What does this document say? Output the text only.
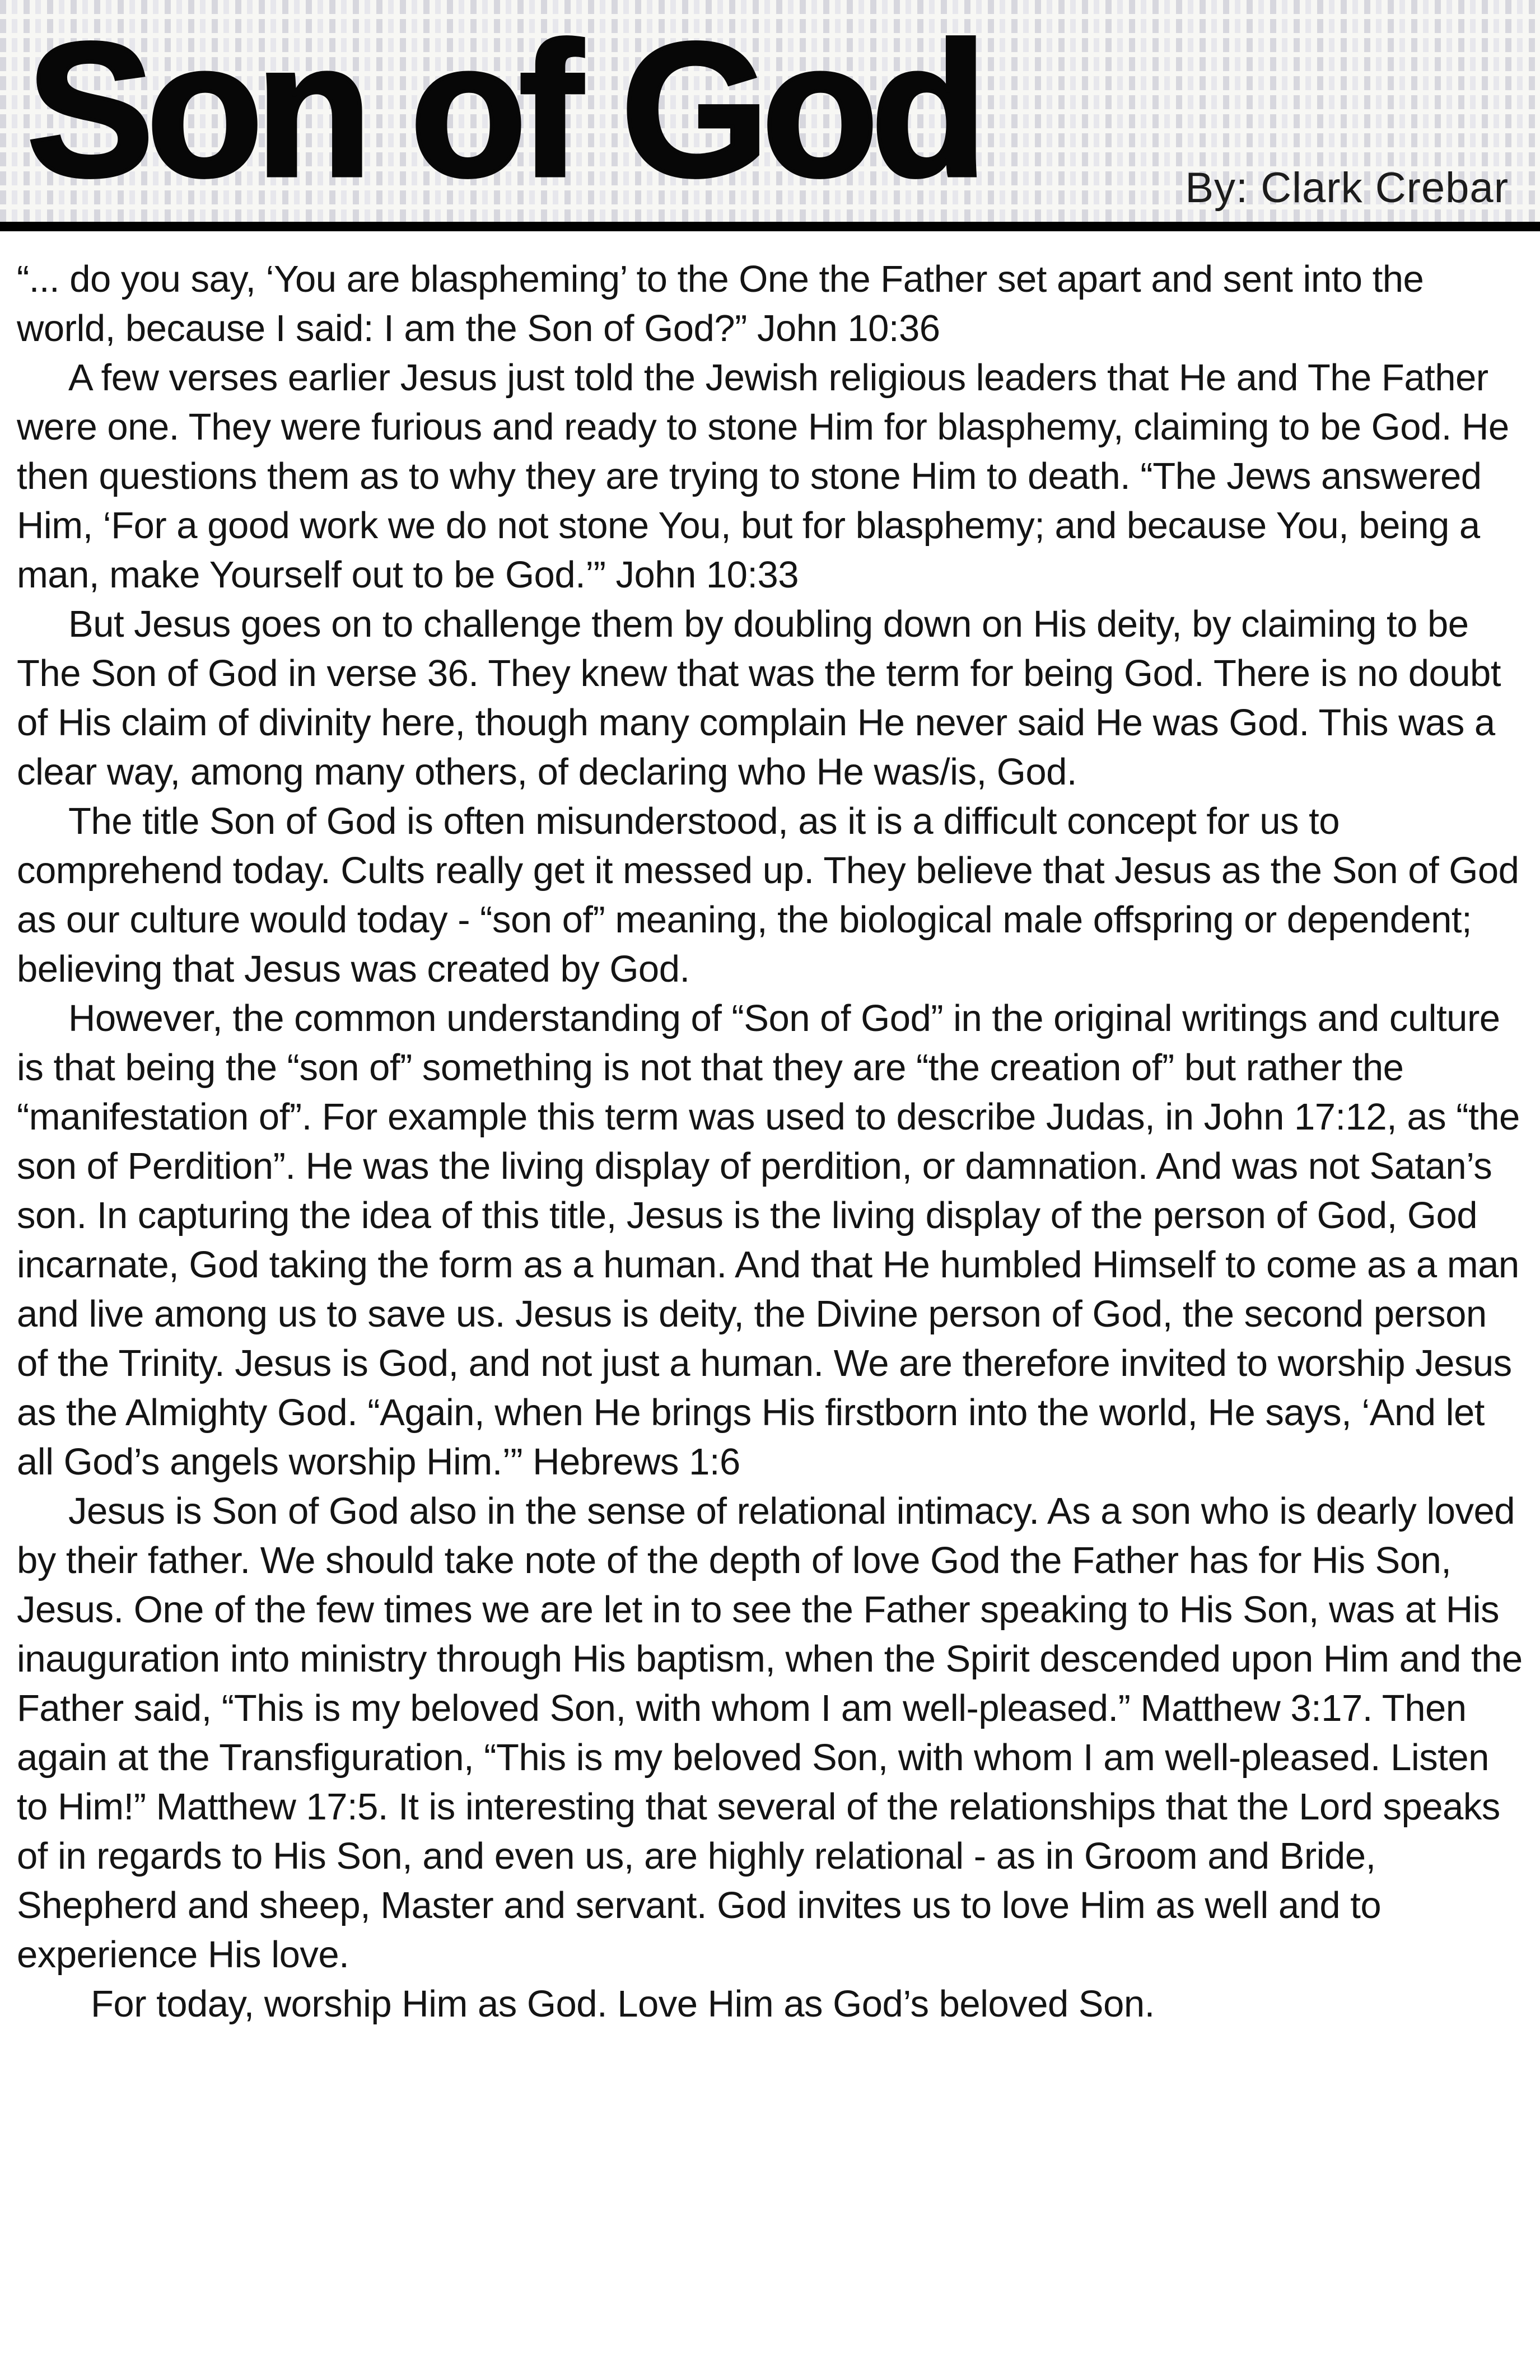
Son of God	By: Clark Crebar

“... do you say, ‘You are blaspheming’ to the One the Father set apart and sent into the world, because I said: I am the Son of God?” John 10:36

A few verses earlier Jesus just told the Jewish religious leaders that He and The Father were one. They were furious and ready to stone Him for blasphemy, claiming to be God. He then questions them as to why they are trying to stone Him to death. “The Jews answered Him, ‘For a good work we do not stone You, but for blasphemy; and because You, being a man, make Yourself out to be God.’” John 10:33

But Jesus goes on to challenge them by doubling down on His deity, by claiming to be The Son of God in verse 36. They knew that was the term for being God. There is no doubt of His claim of divinity here, though many complain He never said He was God. This was a clear way, among many others, of declaring who He was/is, God.

The title Son of God is often misunderstood, as it is a difficult concept for us to comprehend today. Cults really get it messed up. They believe that Jesus as the Son of God as our culture would today - “son of” meaning, the biological male offspring or dependent; believing that Jesus was created by God.

However, the common understanding of “Son of God” in the original writings and culture is that being the “son of” something is not that they are “the creation of” but rather the “manifestation of”. For example this term was used to describe Judas, in John 17:12, as “the son of Perdition”. He was the living display of perdition, or damnation. And was not Satan’s son. In capturing the idea of this title, Jesus is the living display of the person of God, God incarnate, God taking the form as a human. And that He humbled Himself to come as a man and live among us to save us. Jesus is deity, the Divine person of God, the second person of the Trinity. Jesus is God, and not just a human. We are therefore invited to worship Jesus as the Almighty God. “Again, when He brings His firstborn into the world, He says, ‘And let all God’s angels worship Him.’” Hebrews 1:6

Jesus is Son of God also in the sense of relational intimacy. As a son who is dearly loved by their father. We should take note of the depth of love God the Father has for His Son, Jesus. One of the few times we are let in to see the Father speaking to His Son, was at His inauguration into ministry through His baptism, when the Spirit descended upon Him and the Father said, “This is my beloved Son, with whom I am well-pleased.” Matthew 3:17. Then again at the Transfiguration, “This is my beloved Son, with whom I am well-pleased. Listen to Him!” Matthew 17:5. It is interesting that several of the relationships that the Lord speaks of in regards to His Son, and even us, are highly relational - as in Groom and Bride, Shepherd and sheep, Master and servant. God invites us to love Him as well and to experience His love.

For today, worship Him as God. Love Him as God’s beloved Son.
